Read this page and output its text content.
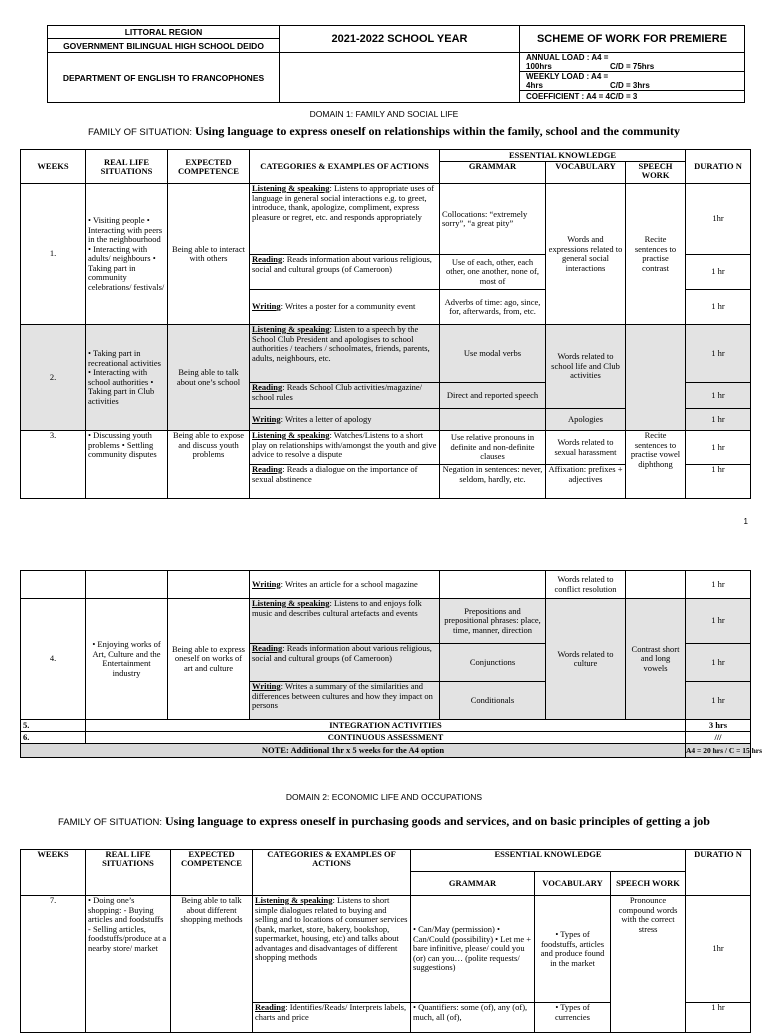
LITTORAL REGION	2021-2022 SCHOOL YEAR	SCHEME OF WORK FOR PREMIERE
GOVERNMENT BILINGUAL HIGH SCHOOL DEIDO		
DEPARTMENT OF ENGLISH TO FRANCOPHONES		ANNUAL LOAD : A4 = 100hrs C/D = 75hrs
		WEEKLY LOAD : A4 = 4hrs C/D = 3hrs
		COEFFICIENT : A4 = 4C/D = 3
DOMAIN 1: FAMILY AND SOCIAL LIFE
FAMILY OF SITUATION: Using language to express oneself on relationships within the family, school and the community
WEEKS	REAL LIFE SITUATIONS	EXPECTED COMPETENCE	CATEGORIES & EXAMPLES OF ACTIONS	ESSENTIAL KNOWLEDGE			DURATIO N
				GRAMMAR	VOCABULARY	SPEECH WORK	
1.	• Visiting people • Interacting with peers in the neighbourhood • Interacting with adults/ neighbours • Taking part in community celebrations/ festivals/	Being able to interact with others	Listening & speaking: Listens to appropriate uses of language in general social interactions e.g. to greet, introduce, thank, apologize, compliment, express pleasure or regret, etc. and responds appropriately	Collocations: “extremely sorry”, “a great pity”	Words and expressions related to general social interactions	Recite sentences to practise contrast	1hr
			Reading: Reads information about various religious, social and cultural groups (of Cameroon)	Use of each, other, each other, one another, none of, most of			1 hr
			Writing: Writes a poster for a community event	Adverbs of time: ago, since, for, afterwards, from, etc.			1 hr
2.	• Taking part in recreational activities • Interacting with school authorities • Taking part in Club activities	Being able to talk about one’s school	Listening & speaking: Listen to a speech by the School Club President and apologises to school authorities / teachers / schoolmates, friends, parents, adults, neighbours, etc.	Use modal verbs	Words related to school life and Club activities		1 hr
			Reading: Reads School Club activities/magazine/ school rules	Direct and reported speech			1 hr
			Writing: Writes a letter of apology		Apologies		1 hr
3.	• Discussing youth problems • Settling community disputes	Being able to expose and discuss youth problems	Listening & speaking: Watches/Listens to a short play on relationships with/amongst the youth and give advice to resolve a dispute	Use relative pronouns in definite and non-definite clauses	Words related to sexual harassment	Recite sentences to practise vowel diphthong	1 hr
			Reading: Reads a dialogue on the importance of sexual abstinence	Negation in sentences: never, seldom, hardly, etc.	Affixation: prefixes + adjectives		1 hr
1
			Writing: Writes an article for a school magazine		Words related to conflict resolution		1 hr
4.	• Enjoying works of Art, Culture and the Entertainment industry	Being able to express oneself on works of art and culture	Listening & speaking: Listens to and enjoys folk music and describes cultural artefacts and events	Prepositions and prepositional phrases: place, time, manner, direction	Words related to culture	Contrast short and long vowels	1 hr
			Reading: Reads information about various religious, social and cultural groups (of Cameroon)	Conjunctions			1 hr
			Writing: Writes a summary of the similarities and differences between cultures and how they impact on persons	Conditionals			1 hr
5.	INTEGRATION ACTIVITIES						3 hrs
6.	CONTINUOUS ASSESSMENT						///
NOTE: Additional 1hr x 5 weeks for the A4 option							A4 = 20 hrs / C = 15 hrs
DOMAIN 2: ECONOMIC LIFE AND OCCUPATIONS
FAMILY OF SITUATION: Using language to express oneself in purchasing goods and services, and on basic principles of getting a job
WEEKS	REAL LIFE SITUATIONS	EXPECTED COMPETENCE	CATEGORIES & EXAMPLES OF ACTIONS	ESSENTIAL KNOWLEDGE			DURATIO N
				GRAMMAR	VOCABULARY	SPEECH WORK	
7.	• Doing one’s shopping: - Buying articles and foodstuffs - Selling articles, foodstuffs/produce at a nearby store/ market	Being able to talk about different shopping methods	Listening & speaking: Listens to short simple dialogues related to buying and selling and to locations of consumer services (bank, market, store, bakery, bookshop, supermarket, housing, etc) and talks about advantages and disadvantages of different shopping methods	• Can/May (permission) • Can/Could (possibility) • Let me + bare infinitive, please/ could you (or) can you… (polite requests/ suggestions)	• Types of foodstuffs, articles and produce found in the market	Pronounce compound words with the correct stress	1hr
			Reading: Identifies/Reads/ Interprets labels, charts and price	• Quantifiers: some (of), any (of), much, all (of),	• Types of currencies		1 hr
